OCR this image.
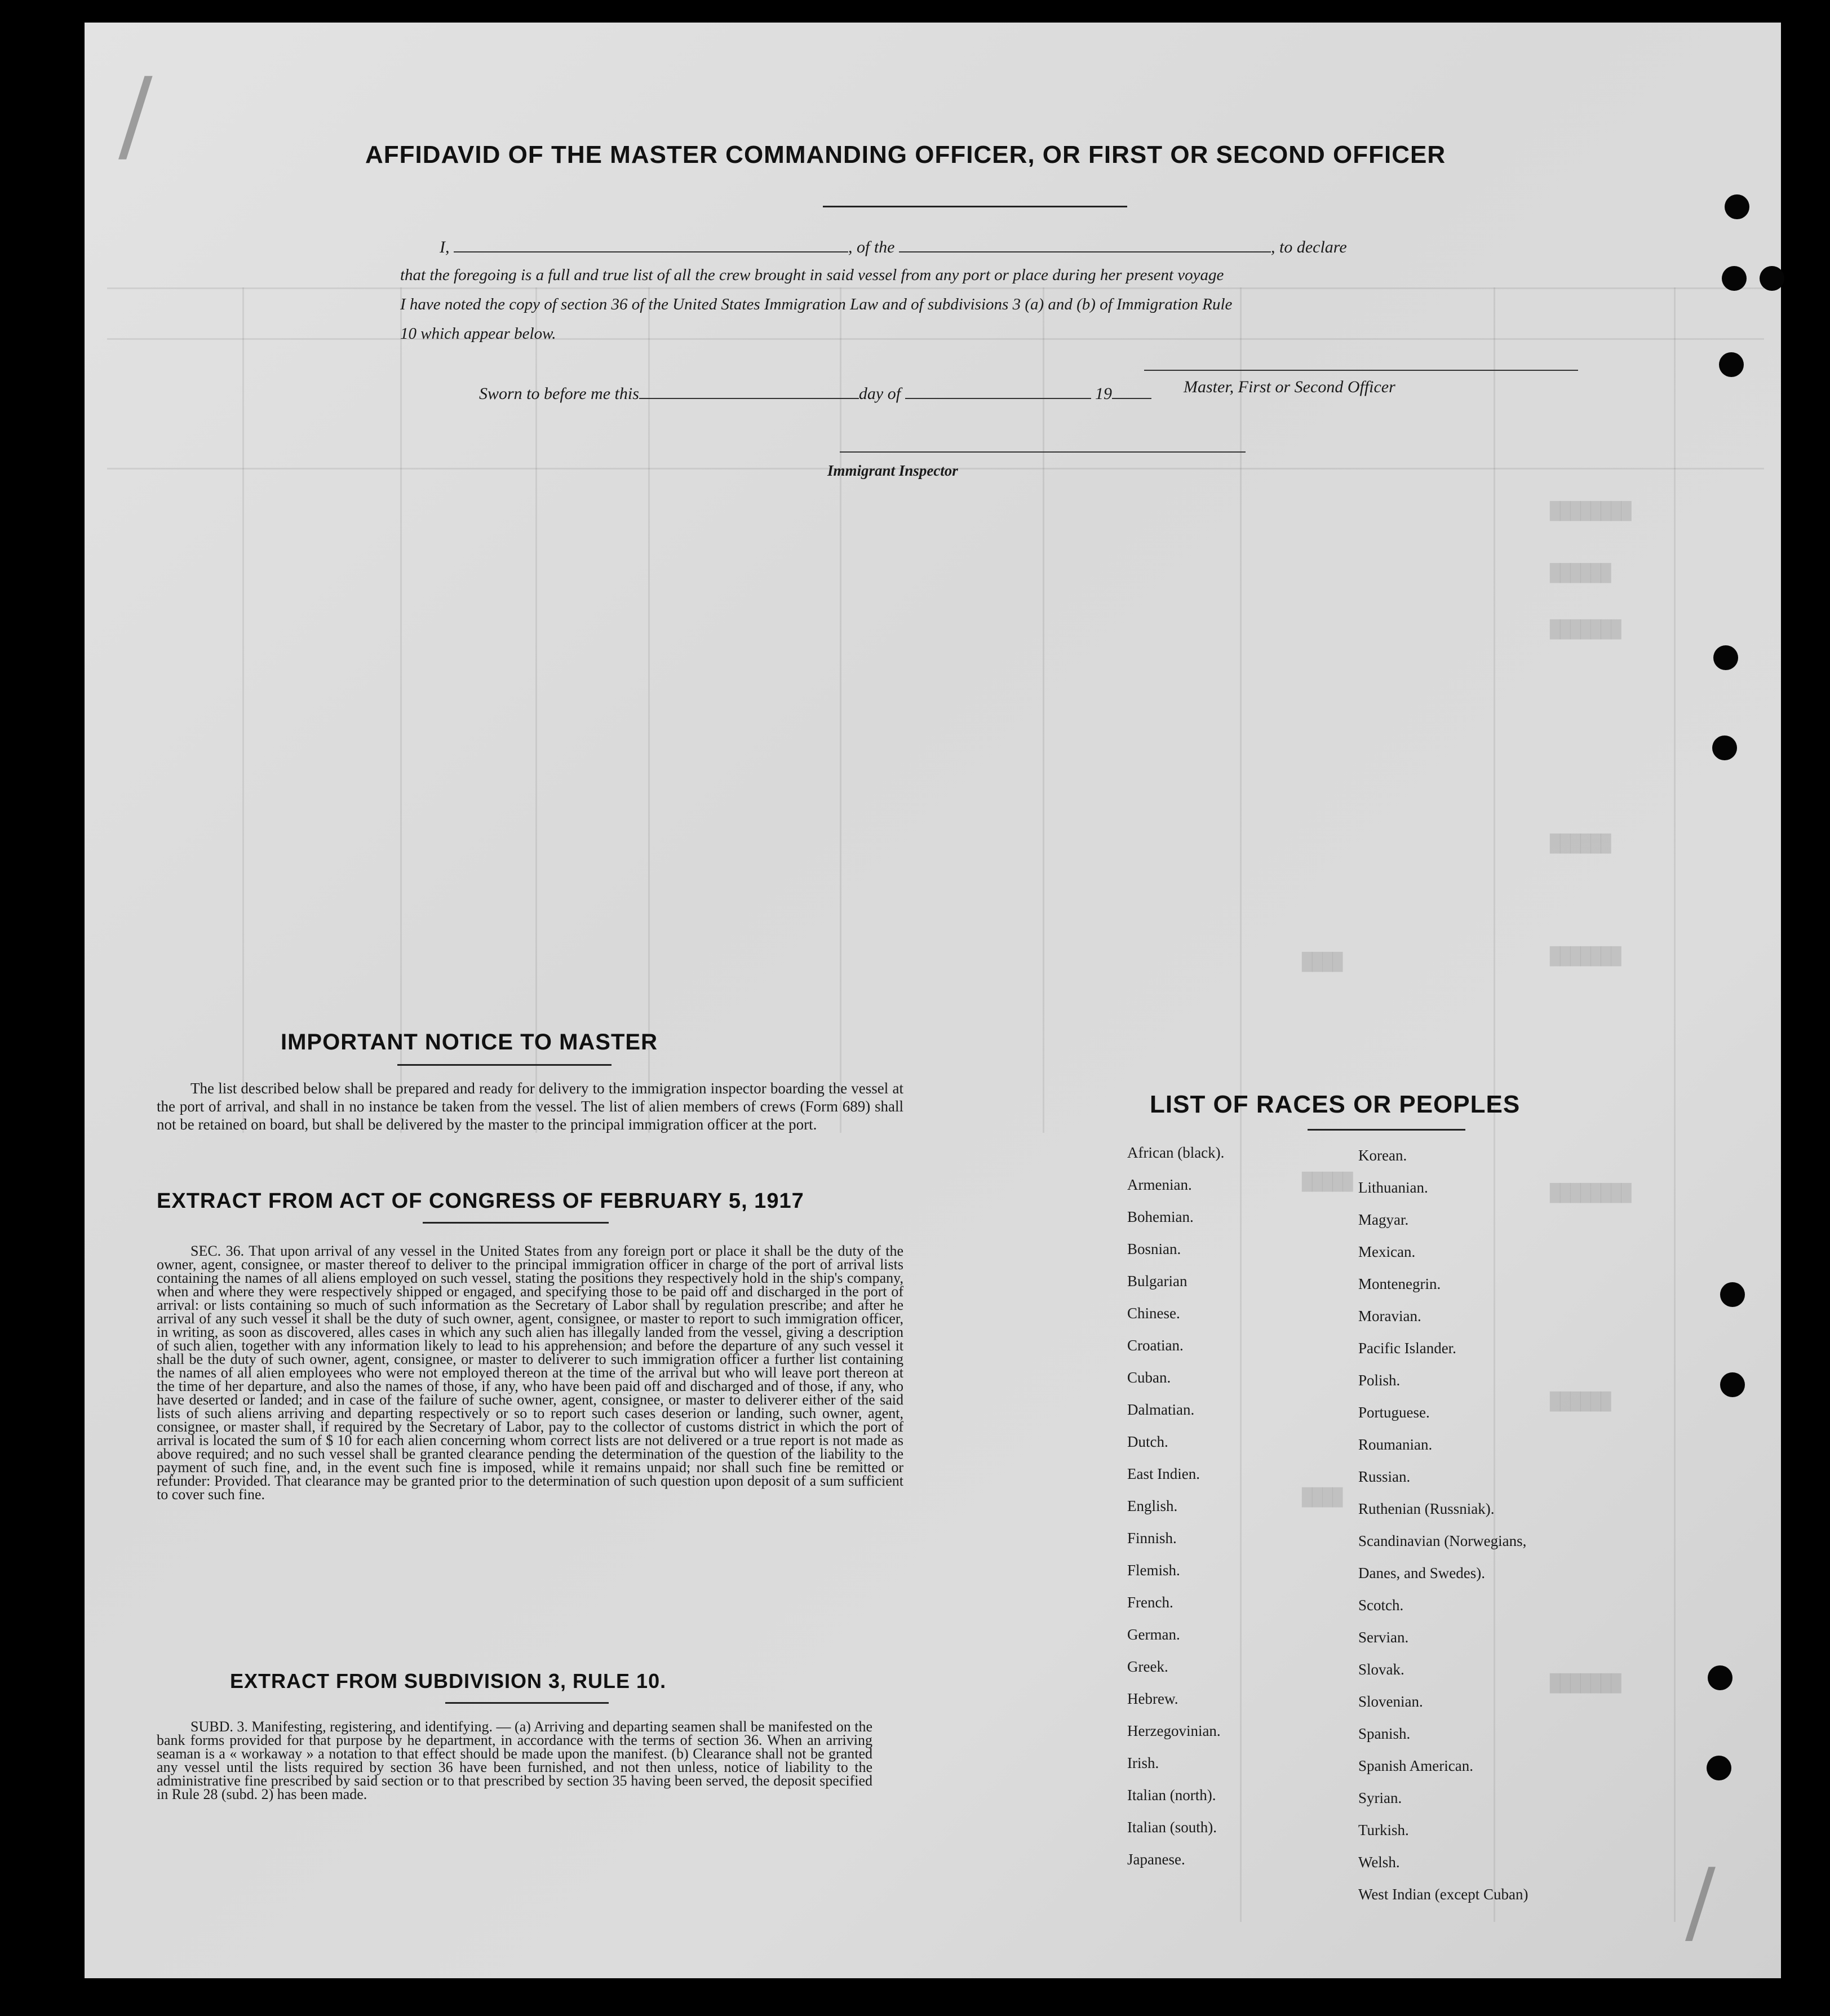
████████
██████
███████
██████
███████
████████
██████
███████
████
█████
████
/
/
AFFIDAVID OF THE MASTER COMMANDING OFFICER, OR FIRST OR SECOND OFFICER
I,	, of the	, to declare
that the foregoing is a full and true list of all the crew brought in said vessel from any port or place during her present voyage
I have noted the copy of section 36 of the United States Immigration Law and of subdivisions 3 (a) and (b) of Immigration Rule
10 which appear below.
Master, First or Second Officer
Sworn to before me this	day of	19
Immigrant Inspector
IMPORTANT NOTICE TO MASTER
The list described below shall be prepared and ready for delivery to the immigration inspector boarding the vessel at the port of arrival, and shall in no instance be taken from the vessel. The list of alien members of crews (Form 689) shall not be retained on board, but shall be delivered by the master to the principal immigration officer at the port.
EXTRACT FROM ACT OF CONGRESS OF FEBRUARY 5, 1917
SEC. 36. That upon arrival of any vessel in the United States from any foreign port or place it shall be the duty of the owner, agent, consignee, or master thereof to deliver to the principal immigration officer in charge of the port of arrival lists containing the names of all aliens employed on such vessel, stating the positions they respectively hold in the ship's company, when and where they were respectively shipped or engaged, and specifying those to be paid off and discharged in the port of arrival: or lists containing so much of such information as the Secretary of Labor shall by regulation prescribe; and after he arrival of any such vessel it shall be the duty of such owner, agent, consignee, or master to report to such immigration officer, in writing, as soon as discovered, alles cases in which any such alien has illegally landed from the vessel, giving a description of such alien, together with any information likely to lead to his apprehension; and before the departure of any such vessel it shall be the duty of such owner, agent, consignee, or master to deliverer to such immigration officer a further list containing the names of all alien employees who were not employed thereon at the time of the arrival but who will leave port thereon at the time of her departure, and also the names of those, if any, who have been paid off and discharged and of those, if any, who have deserted or landed; and in case of the failure of suche owner, agent, consignee, or master to deliverer either of the said lists of such aliens arriving and departing respectively or so to report such cases deserion or landing, such owner, agent, consignee, or master shall, if required by the Secretary of Labor, pay to the collector of customs district in which the port of arrival is located the sum of $ 10 for each alien concerning whom correct lists are not delivered or a true report is not made as above required; and no such vessel shall be granted clearance pending the determination of the question of the liability to the payment of such fine, and, in the event such fine is imposed, while it remains unpaid; nor shall such fine be remitted or refunder: Provided. That clearance may be granted prior to the determination of such question upon deposit of a sum sufficient to cover such fine.
EXTRACT FROM SUBDIVISION 3, RULE 10.
SUBD. 3. Manifesting, registering, and identifying. — (a) Arriving and departing seamen shall be manifested on the bank forms provided for that purpose by he department, in accordance with the terms of section 36. When an arriving seaman is a « workaway » a notation to that effect should be made upon the manifest. (b) Clearance shall not be granted any vessel until the lists required by section 36 have been furnished, and not then unless, notice of liability to the administrative fine prescribed by said section or to that prescribed by section 35 having been served, the deposit specified in Rule 28 (subd. 2) has been made.
LIST OF RACES OR PEOPLES
African (black).
Armenian.
Bohemian.
Bosnian.
Bulgarian
Chinese.
Croatian.
Cuban.
Dalmatian.
Dutch.
East Indien.
English.
Finnish.
Flemish.
French.
German.
Greek.
Hebrew.
Herzegovinian.
Irish.
Italian (north).
Italian (south).
Japanese.
Korean.
Lithuanian.
Magyar.
Mexican.
Montenegrin.
Moravian.
Pacific Islander.
Polish.
Portuguese.
Roumanian.
Russian.
Ruthenian (Russniak).
Scandinavian (Norwegians,
Danes, and Swedes).
Scotch.
Servian.
Slovak.
Slovenian.
Spanish.
Spanish American.
Syrian.
Turkish.
Welsh.
West Indian (except Cuban)
